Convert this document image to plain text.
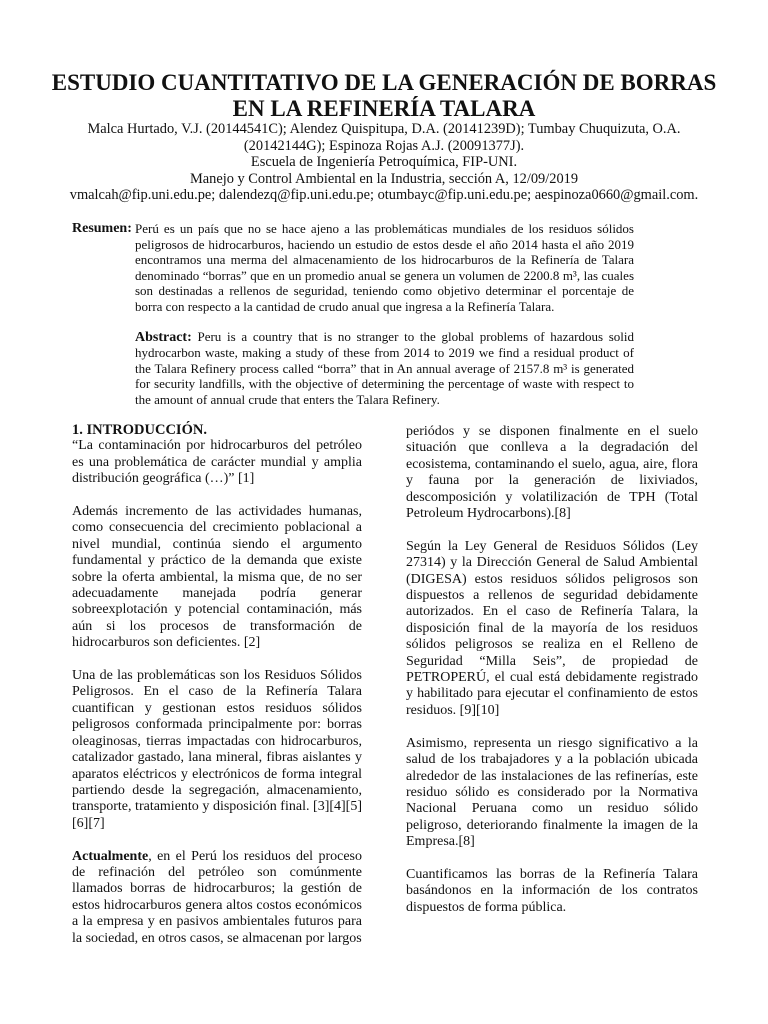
ESTUDIO CUANTITATIVO DE LA GENERACIÓN DE BORRAS EN LA REFINERÍA TALARA
Malca Hurtado, V.J. (20144541C); Alendez Quispitupa, D.A. (20141239D); Tumbay Chuquizuta, O.A.
(20142144G); Espinoza Rojas A.J. (20091377J).
Escuela de Ingeniería Petroquímica, FIP-UNI.
Manejo y Control Ambiental en la Industria, sección A, 12/09/2019
vmalcah@fip.uni.edu.pe; dalendezq@fip.uni.edu.pe; otumbayc@fip.uni.edu.pe; aespinoza0660@gmail.com.
Resumen: Perú es un país que no se hace ajeno a las problemáticas mundiales de los residuos sólidos peligrosos de hidrocarburos, haciendo un estudio de estos desde el año 2014 hasta el año 2019 encontramos una merma del almacenamiento de los hidrocarburos de la Refinería de Talara denominado “borras” que en un promedio anual se genera un volumen de 2200.8 m³, las cuales son destinadas a rellenos de seguridad, teniendo como objetivo determinar el porcentaje de borra con respecto a la cantidad de crudo anual que ingresa a la Refinería Talara.
Abstract: Peru is a country that is no stranger to the global problems of hazardous solid hydrocarbon waste, making a study of these from 2014 to 2019 we find a residual product of the Talara Refinery process called “borra” that in An annual average of 2157.8 m³ is generated for security landfills, with the objective of determining the percentage of waste with respect to the amount of annual crude that enters the Talara Refinery.
1. INTRODUCCIÓN.

“La contaminación por hidrocarburos del petróleo es una problemática de carácter mundial y amplia distribución geográfica (…)” [1]

Además incremento de las actividades humanas, como consecuencia del crecimiento poblacional a nivel mundial, continúa siendo el argumento fundamental y práctico de la demanda que existe sobre la oferta ambiental, la misma que, de no ser adecuadamente manejada podría generar sobreexplotación y potencial contaminación, más aún si los procesos de transformación de hidrocarburos son deficientes. [2]

Una de las problemáticas son los Residuos Sólidos Peligrosos. En el caso de la Refinería Talara cuantifican y gestionan estos residuos sólidos peligrosos conformada principalmente por: borras oleaginosas, tierras impactadas con hidrocarburos, catalizador gastado, lana mineral, fibras aislantes y aparatos eléctricos y electrónicos de forma integral partiendo desde la segregación, almacenamiento, transporte, tratamiento y disposición final. [3][4][5][6][7]

Actualmente, en el Perú los residuos del proceso de refinación del petróleo son comúnmente llamados borras de hidrocarburos; la gestión de estos hidrocarburos genera altos costos económicos a la empresa y en pasivos ambientales futuros para la sociedad, en otros casos, se almacenan por largos

periódos y se disponen finalmente en el suelo situación que conlleva a la degradación del ecosistema, contaminando el suelo, agua, aire, flora y fauna por la generación de lixiviados, descomposición y volatilización de TPH (Total Petroleum Hydrocarbons).[8]

Según la Ley General de Residuos Sólidos (Ley 27314) y la Dirección General de Salud Ambiental (DIGESA) estos residuos sólidos peligrosos son dispuestos a rellenos de seguridad debidamente autorizados. En el caso de Refinería Talara, la disposición final de la mayoría de los residuos sólidos peligrosos se realiza en el Relleno de Seguridad “Milla Seis”, de propiedad de PETROPERÚ, el cual está debidamente registrado y habilitado para ejecutar el confinamiento de estos residuos. [9][10]

Asimismo, representa un riesgo significativo a la salud de los trabajadores y a la población ubicada alrededor de las instalaciones de las refinerías, este residuo sólido es considerado por la Normativa Nacional Peruana como un residuo sólido peligroso, deteriorando finalmente la imagen de la Empresa.[8]

Cuantificamos las borras de la Refinería Talara basándonos en la información de los contratos dispuestos de forma pública.
